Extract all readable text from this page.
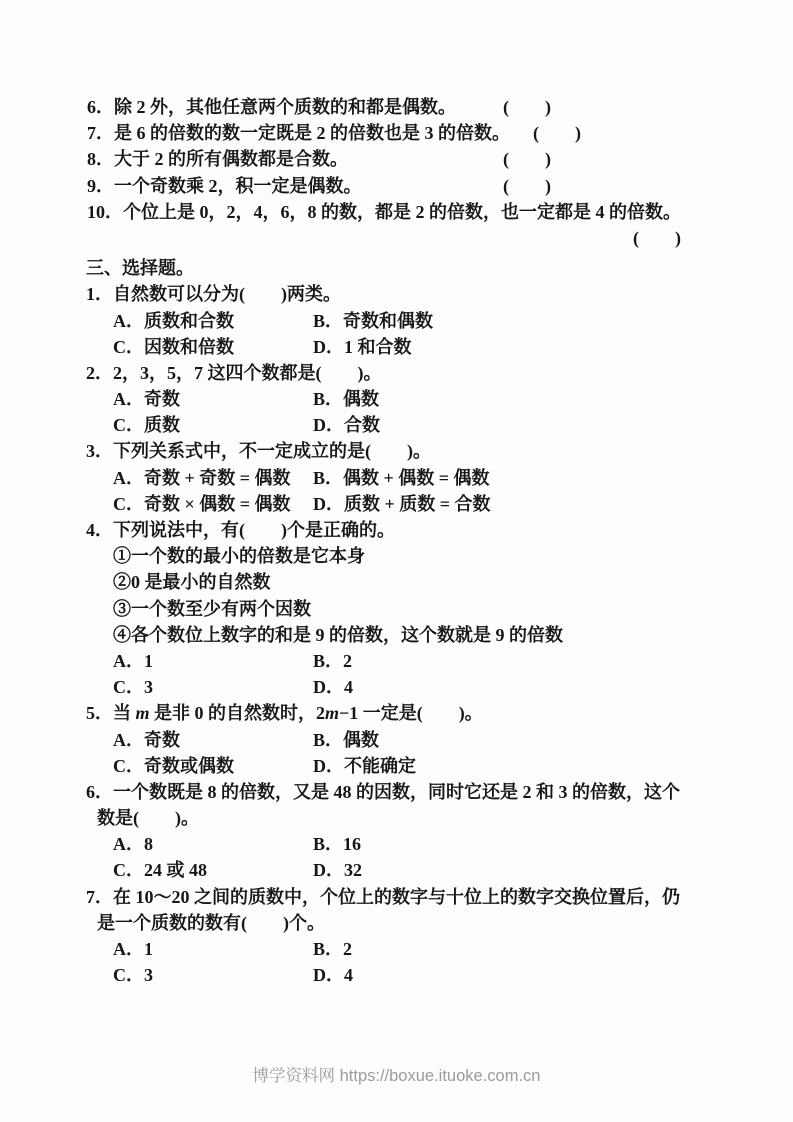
6．除 2 外，其他任意两个质数的和都是偶数。	(　　)
7．是 6 的倍数的数一定既是 2 的倍数也是 3 的倍数。 (　　)
8．大于 2 的所有偶数都是合数。	(　　)
9．一个奇数乘 2，积一定是偶数。	(　　)
10．个位上是 0，2，4，6，8 的数，都是 2 的倍数，也一定都是 4 的倍数。
(　　)
三、选择题。
1．自然数可以分为(　　)两类。
A．质数和合数	B．奇数和偶数
C．因数和倍数	D．1 和合数
2．2，3，5，7 这四个数都是(　　)。
A．奇数	B．偶数
C．质数	D．合数
3．下列关系式中，不一定成立的是(　　)。
A．奇数 + 奇数 = 偶数	B．偶数 + 偶数 = 偶数
C．奇数 × 偶数 = 偶数	D．质数 + 质数 = 合数
4．下列说法中，有(　　)个是正确的。
①一个数的最小的倍数是它本身
②0 是最小的自然数
③一个数至少有两个因数
④各个数位上数字的和是 9 的倍数，这个数就是 9 的倍数
A．1	B．2
C．3	D．4
5．当 m 是非 0 的自然数时，2m−1 一定是(　　)。
A．奇数	B．偶数
C．奇数或偶数	D．不能确定
6．一个数既是 8 的倍数，又是 48 的因数，同时它还是 2 和 3 的倍数，这个
数是(　　)。
A．8	B．16
C．24 或 48	D．32
7．在 10～20 之间的质数中，个位上的数字与十位上的数字交换位置后，仍
是一个质数的数有(　　)个。
A．1	B．2
C．3	D．4
博学资料网 https://boxue.ituoke.com.cn
